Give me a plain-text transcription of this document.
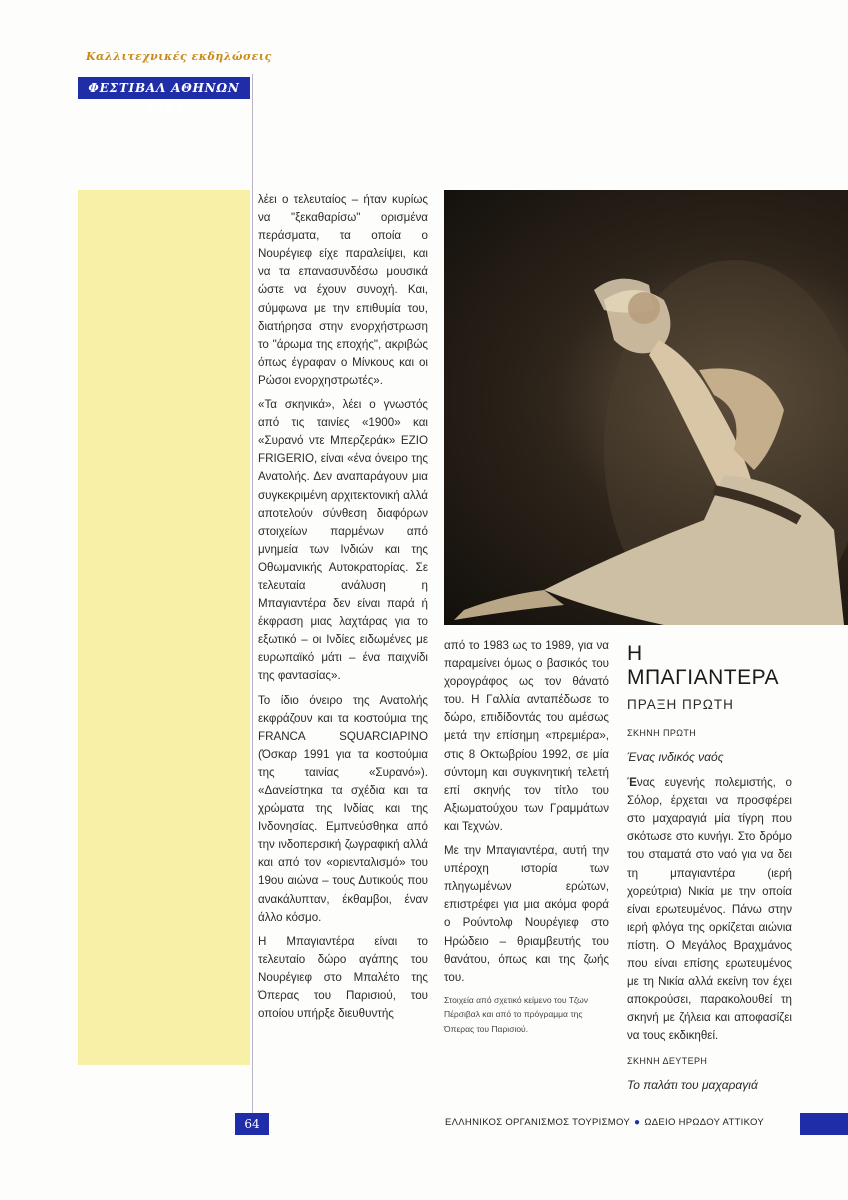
Καλλιτεχνικές εκδηλώσεις
ΦΕΣΤΙΒΑΛ ΑΘΗΝΩΝ 1993

λέει ο τελευταίος – ήταν κυρίως να "ξεκαθαρίσω" ορισμένα περάσματα, τα οποία ο Νουρέγιεφ είχε παραλείψει, και να τα επανασυνδέσω μουσικά ώστε να έχουν συνοχή. Και, σύμφωνα με την επιθυμία του, διατήρησα στην ενορχήστρωση το "άρωμα της εποχής", ακριβώς όπως έγραφαν ο Μίνκους και οι Ρώσοι ενορχηστρωτές».

«Τα σκηνικά», λέει ο γνωστός από τις ταινίες «1900» και «Συρανό ντε Μπερζεράκ» EZIO FRIGERIO, είναι «ένα όνειρο της Ανατολής. Δεν αναπαράγουν μια συγκεκριμένη αρχιτεκτονική αλλά αποτελούν σύνθεση διαφόρων στοιχείων παρμένων από μνημεία των Ινδιών και της Οθωμανικής Αυτοκρατορίας. Σε τελευταία ανάλυση η Μπαγιαντέρα δεν είναι παρά ή έκφραση μιας λαχτάρας για το εξωτικό – οι Ινδίες ειδωμένες με ευρωπαϊκό μάτι – ένα παιχνίδι της φαντασίας».

Το ίδιο όνειρο της Ανατολής εκφράζουν και τα κοστούμια της FRANCA SQUARCIAPINO (Όσκαρ 1991 για τα κοστούμια της ταινίας «Συρανό»). «Δανείστηκα τα σχέδια και τα χρώματα της Ινδίας και της Ινδονησίας. Εμπνεύσθηκα από την ινδοπερσική ζωγραφική αλλά και από τον «οριενταλισμό» του 19ου αιώνα – τους Δυτικούς που ανακάλυπταν, έκθαμβοι, έναν άλλο κόσμο.

Η Μπαγιαντέρα είναι το τελευταίο δώρο αγάπης του Νουρέγιεφ στο Μπαλέτο της Όπερας του Παρισιού, του οποίου υπήρξε διευθυντής

από το 1983 ως το 1989, για να παραμείνει όμως ο βασικός του χορογράφος ως τον θάνατό του. Η Γαλλία ανταπέδωσε το δώρο, επιδίδοντάς του αμέσως μετά την επίσημη «πρεμιέρα», στις 8 Οκτωβρίου 1992, σε μία σύντομη και συγκινητική τελετή επί σκηνής τον τίτλο του Αξιωματούχου των Γραμμάτων και Τεχνών.

Με την Μπαγιαντέρα, αυτή την υπέροχη ιστορία των πληγωμένων ερώτων, επιστρέφει για μια ακόμα φορά ο Ρούντολφ Νουρέγιεφ στο Ηρώδειο – θριαμβευτής του θανάτου, όπως και της ζωής του.

Στοιχεία από σχετικό κείμενο του Τζων Πέρσιβαλ και από το πρόγραμμα της Όπερας του Παρισιού.

Η ΜΠΑΓΙΑΝΤΕΡΑ
ΠΡΑΞΗ ΠΡΩΤΗ

ΣΚΗΝΗ ΠΡΩΤΗ

Ένας ινδικός ναός

Ένας ευγενής πολεμιστής, ο Σόλορ, έρχεται να προσφέρει στο μαχαραγιά μία τίγρη που σκότωσε στο κυνήγι. Στο δρόμο του σταματά στο ναό για να δει τη μπαγιαντέρα (ιερή χορεύτρια) Νικία με την οποία είναι ερωτευμένος. Πάνω στην ιερή φλόγα της ορκίζεται αιώνια πίστη. Ο Μεγάλος Βραχμάνος που είναι επίσης ερωτευμένος με τη Νικία αλλά εκείνη τον έχει αποκρούσει, παρακολουθεί τη σκηνή με ζήλεια και αποφασίζει να τους εκδικηθεί.

ΣΚΗΝΗ ΔΕΥΤΕΡΗ

Το παλάτι του μαχαραγιά

64	ΕΛΛΗΝΙΚΟΣ ΟΡΓΑΝΙΣΜΟΣ ΤΟΥΡΙΣΜΟΥ ● ΩΔΕΙΟ ΗΡΩΔΟΥ ΑΤΤΙΚΟΥ
